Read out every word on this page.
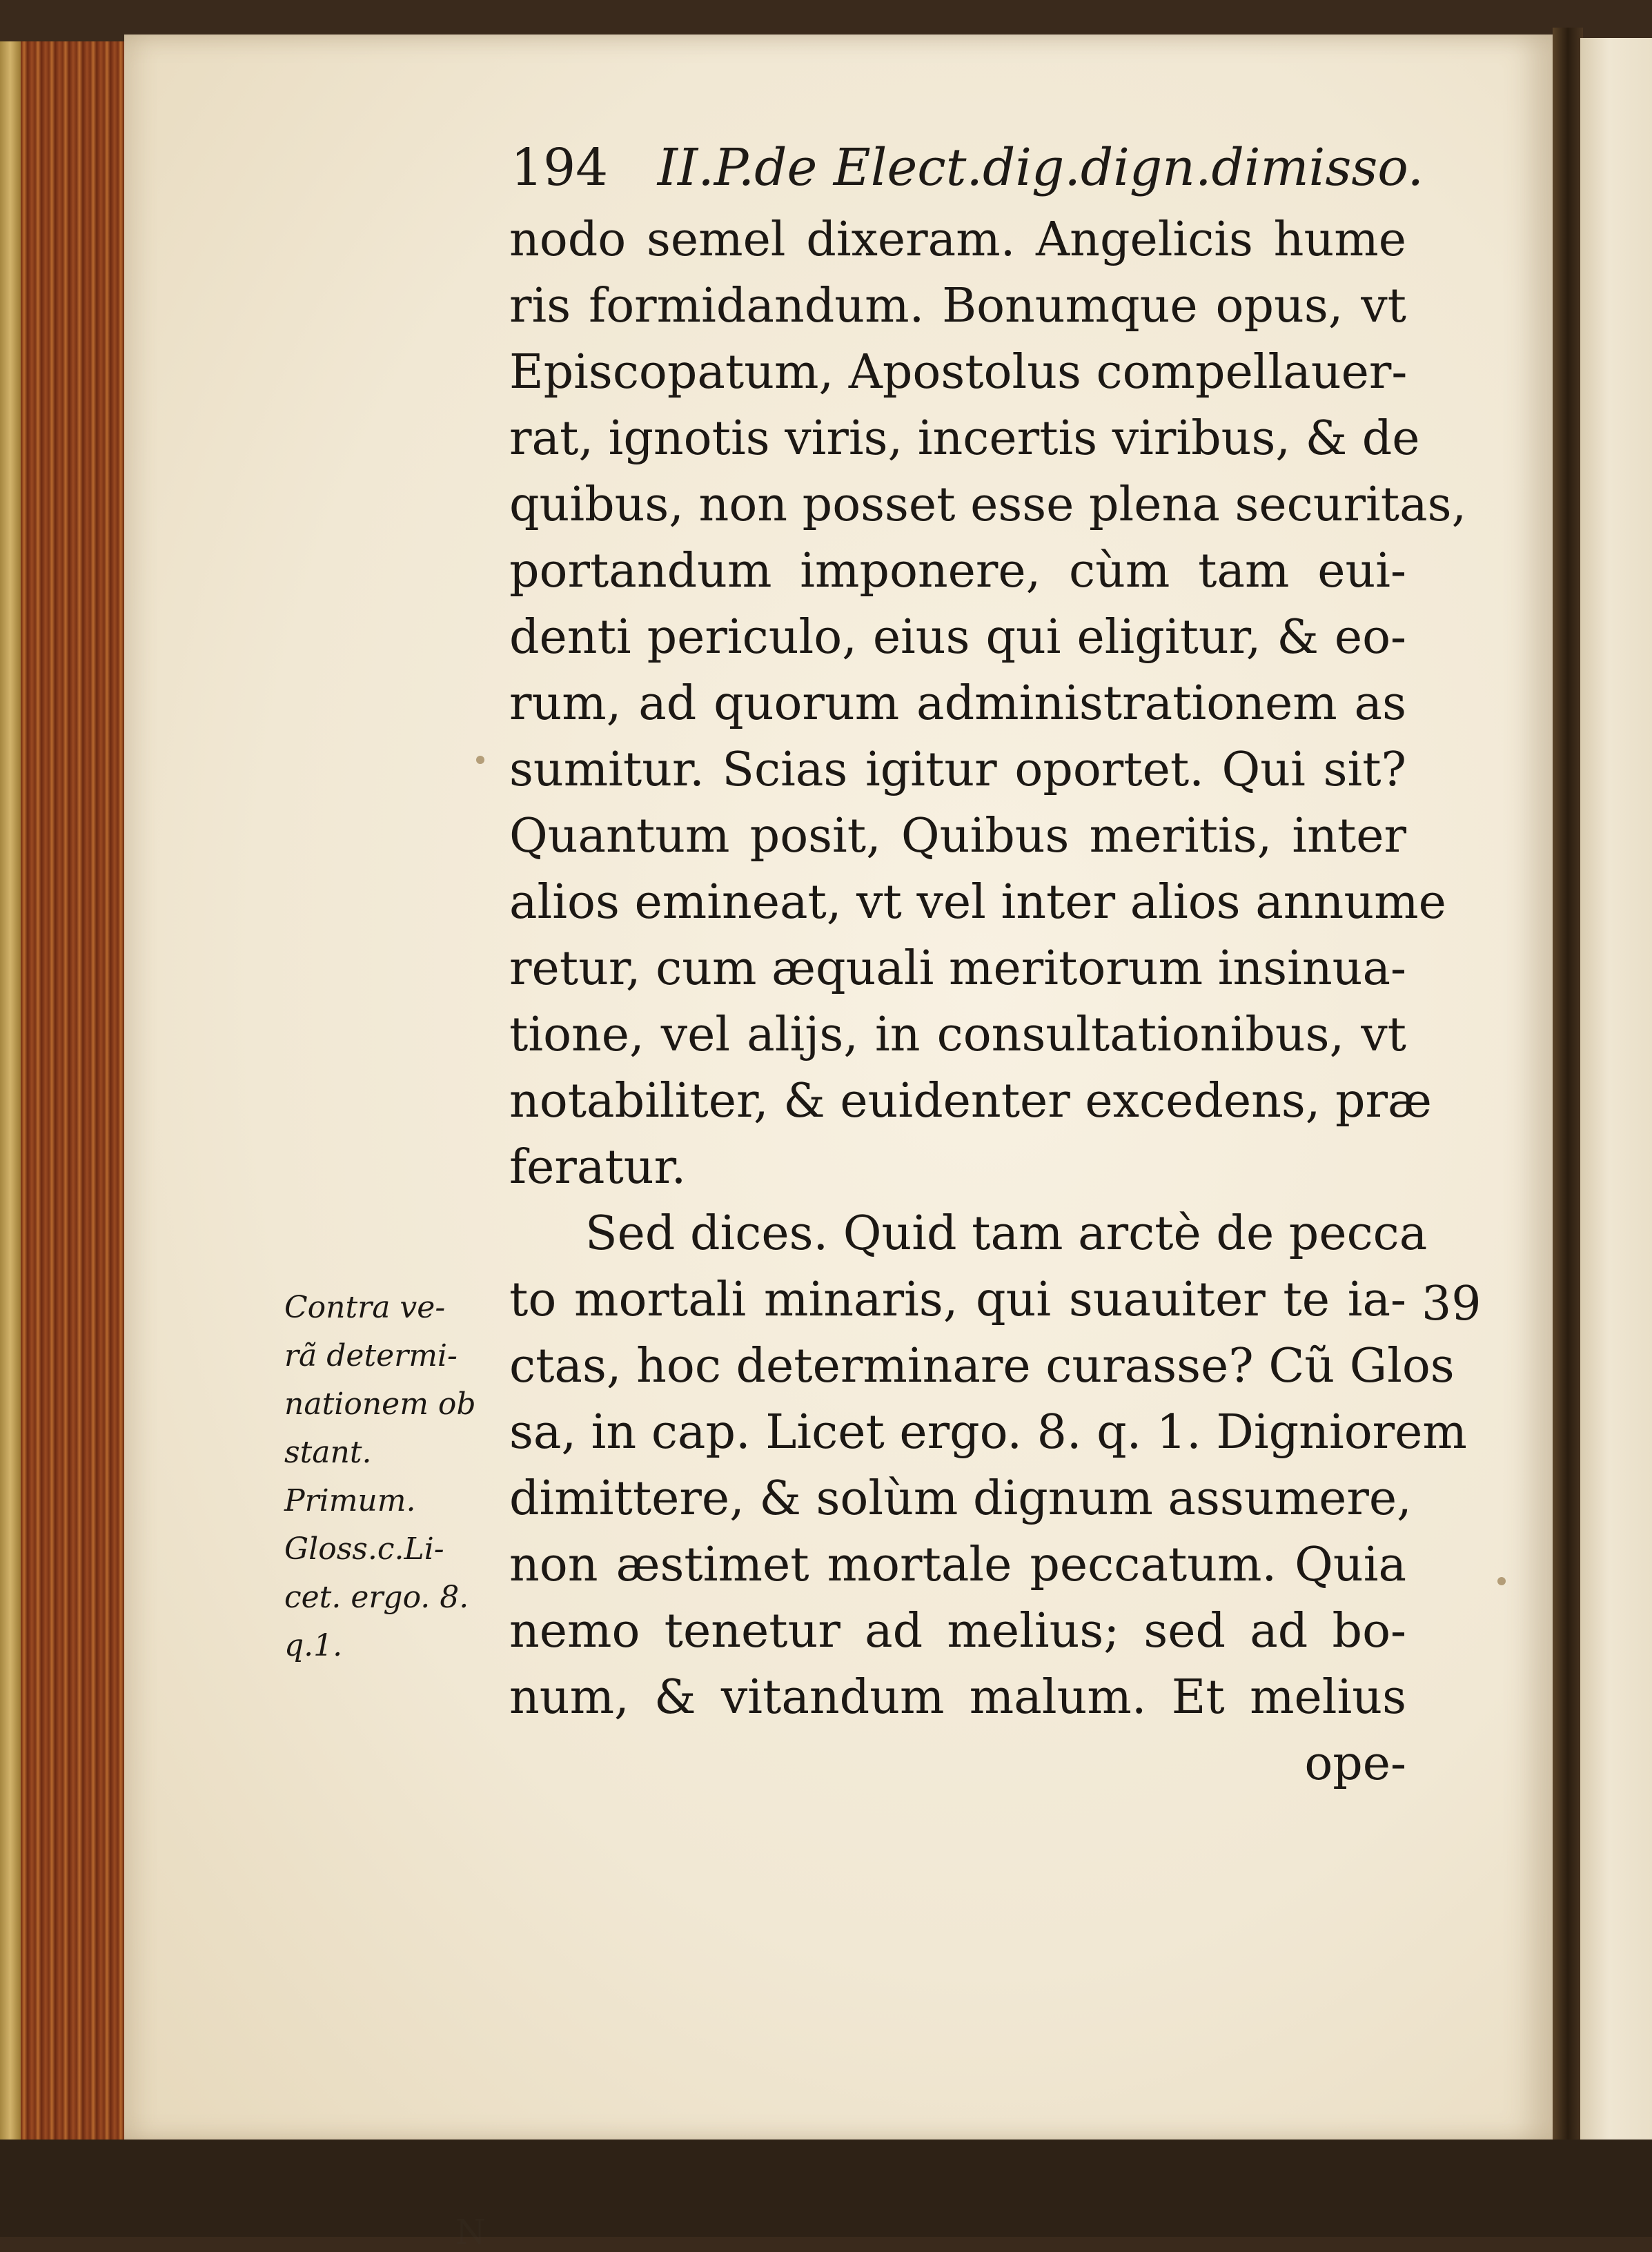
194 II.P.de Elect.dig.dign.dimisso.
nodo semel dixeram. Angelicis hume
ris formidandum. Bonumque opus, vt
Episcopatum, Apostolus compellauer-
rat, ignotis viris, incertis viribus, & de
quibus, non posset esse plena securitas,
portandum imponere, cùm tam eui-
denti periculo, eius qui eligitur, & eo-
rum, ad quorum administrationem as
sumitur. Scias igitur oportet. Qui sit?
Quantum posit, Quibus meritis, inter
alios emineat, vt vel inter alios annume
retur, cum æquali meritorum insinua-
tione, vel alijs, in consultationibus, vt
notabiliter, & euidenter excedens, præ
feratur.
Sed dices. Quid tam arctè de pecca
to mortali minaris, qui suauiter te ia-
ctas, hoc determinare curasse? Cũ Glos
sa, in cap. Licet ergo. 8. q. 1. Digniorem
dimittere, & solùm dignum assumere,
non æstimet mortale peccatum. Quia
nemo tenetur ad melius; sed ad bo-
num, & vitandum malum. Et melius
ope-
Contra ve-
rã determi-
nationem ob
stant.
Primum.
Gloss.c.Li-
cet. ergo. 8.
q.1.
39
N
